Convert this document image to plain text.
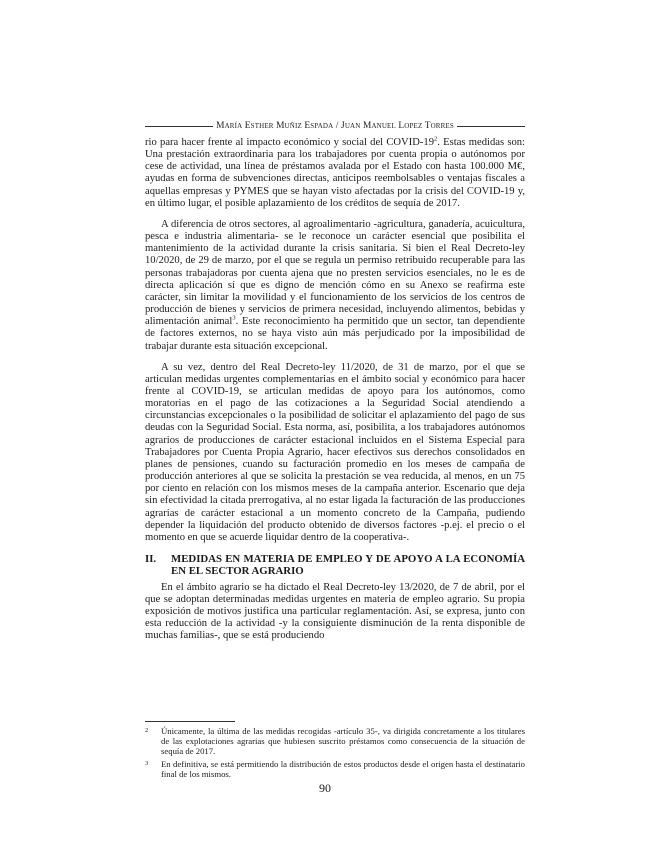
María Esther Muñiz Espada / Juan Manuel Lopez Torres

rio para hacer frente al impacto económico y social del COVID-$19^2$. Estas medidas son: Una prestación extraordinaria para los trabajadores por cuenta propia o autónomos por cese de actividad, una línea de préstamos avalada por el Estado con hasta 100.000 M€, ayudas en forma de subvenciones directas, anticipos reembolsables o ventajas fiscales a aquellas empresas y PYMES que se hayan visto afectadas por la crisis del COVID-19 y, en último lugar, el posible aplazamiento de los créditos de sequía de 2017.

A diferencia de otros sectores, al agroalimentario -agricultura, ganadería, acuicultura, pesca e industria alimentaria- se le reconoce un carácter esencial que posibilita el mantenimiento de la actividad durante la crisis sanitaria. Si bien el Real Decreto-ley 10/2020, de 29 de marzo, por el que se regula un permiso retribuido recuperable para las personas trabajadoras por cuenta ajena que no presten servicios esenciales, no le es de directa aplicación sí que es digno de mención cómo en su Anexo se reafirma este carácter, sin limitar la movilidad y el funcionamiento de los servicios de los centros de producción de bienes y servicios de primera necesidad, incluyendo alimentos, bebidas y alimentación animal$^3$. Este reconocimiento ha permitido que un sector, tan dependiente de factores externos, no se haya visto aún más perjudicado por la imposibilidad de trabajar durante esta situación excepcional.

A su vez, dentro del Real Decreto-ley 11/2020, de 31 de marzo, por el que se articulan medidas urgentes complementarias en el ámbito social y económico para hacer frente al COVID-19, se articulan medidas de apoyo para los autónomos, como moratorias en el pago de las cotizaciones a la Seguridad Social atendiendo a circunstancias excepcionales o la posibilidad de solicitar el aplazamiento del pago de sus deudas con la Seguridad Social. Esta norma, así, posibilita, a los trabajadores autónomos agrarios de producciones de carácter estacional incluidos en el Sistema Especial para Trabajadores por Cuenta Propia Agrario, hacer efectivos sus derechos consolidados en planes de pensiones, cuando su facturación promedio en los meses de campaña de producción anteriores al que se solicita la prestación se vea reducida, al menos, en un 75 por ciento en relación con los mismos meses de la campaña anterior. Escenario que deja sin efectividad la citada prerrogativa, al no estar ligada la facturación de las producciones agrarias de carácter estacional a un momento concreto de la Campaña, pudiendo depender la liquidación del producto obtenido de diversos factores -p.ej. el precio o el momento en que se acuerde liquidar dentro de la cooperativa-.

II.	MEDIDAS EN MATERIA DE EMPLEO Y DE APOYO A LA ECONOMÍA EN EL SECTOR AGRARIO

En el ámbito agrario se ha dictado el Real Decreto-ley 13/2020, de 7 de abril, por el que se adoptan determinadas medidas urgentes en materia de empleo agrario. Su propia exposición de motivos justifica una particular reglamentación. Así, se expresa, junto con esta reducción de la actividad -y la consiguiente disminución de la renta disponible de muchas familias-, que se está produciendo

2	Únicamente, la última de las medidas recogidas -artículo 35-, va dirigida concretamente a los titulares de las explotaciones agrarias que hubiesen suscrito préstamos como consecuencia de la situación de sequía de 2017.
3	En definitiva, se está permitiendo la distribución de estos productos desde el origen hasta el destinatario final de los mismos.
90
